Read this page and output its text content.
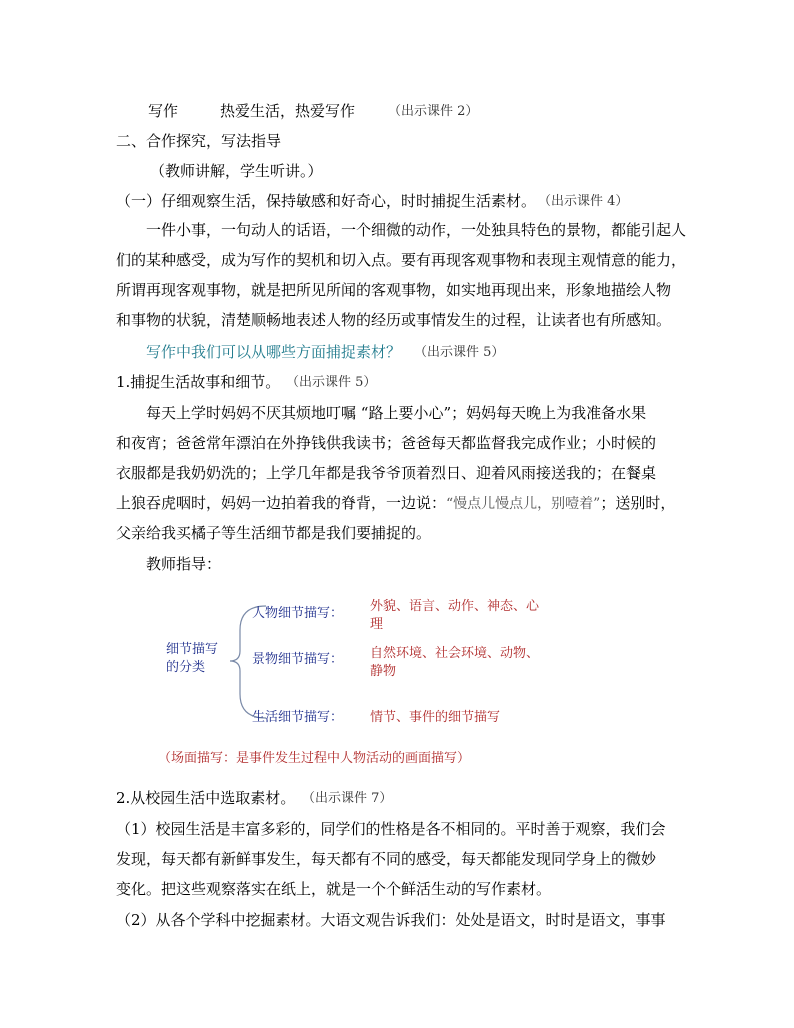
写作	热爱生活，热爱写作	（出示课件 2）
二、合作探究，写法指导
（教师讲解，学生听讲。）
（一）仔细观察生活，保持敏感和好奇心，时时捕捉生活素材。 （出示课件 4）
一件小事，一句动人的话语，一个细微的动作，一处独具特色的景物，都能引起人
们的某种感受，成为写作的契机和切入点。要有再现客观事物和表现主观情意的能力，
所谓再现客观事物，就是把所见所闻的客观事物，如实地再现出来，形象地描绘人物
和事物的状貌，清楚顺畅地表述人物的经历或事情发生的过程，让读者也有所感知。
写作中我们可以从哪些方面捕捉素材？ （出示课件 5）
1.捕捉生活故事和细节。 （出示课件 5）
每天上学时妈妈不厌其烦地叮嘱 “路上要小心”；妈妈每天晚上为我准备水果
和夜宵；爸爸常年漂泊在外挣钱供我读书；爸爸每天都监督我完成作业；小时候的
衣服都是我奶奶洗的；上学几年都是我爷爷顶着烈日、迎着风雨接送我的；在餐桌
上狼吞虎咽时，妈妈一边拍着我的脊背，一边说：“慢点儿慢点儿，别噎着”；送别时，
父亲给我买橘子等生活细节都是我们要捕捉的。
教师指导：
细节描写
的分类
人物细节描写： 外貌、语言、动作、神态、心
理
景物细节描写： 自然环境、社会环境、动物、
静物
生活细节描写： 情节、事件的细节描写
（场面描写：是事件发生过程中人物活动的画面描写）
2.从校园生活中选取素材。 （出示课件 7）
（1）校园生活是丰富多彩的，同学们的性格是各不相同的。平时善于观察，我们会
发现，每天都有新鲜事发生，每天都有不同的感受，每天都能发现同学身上的微妙
变化。把这些观察落实在纸上，就是一个个鲜活生动的写作素材。
（2）从各个学科中挖掘素材。大语文观告诉我们：处处是语文，时时是语文，事事
